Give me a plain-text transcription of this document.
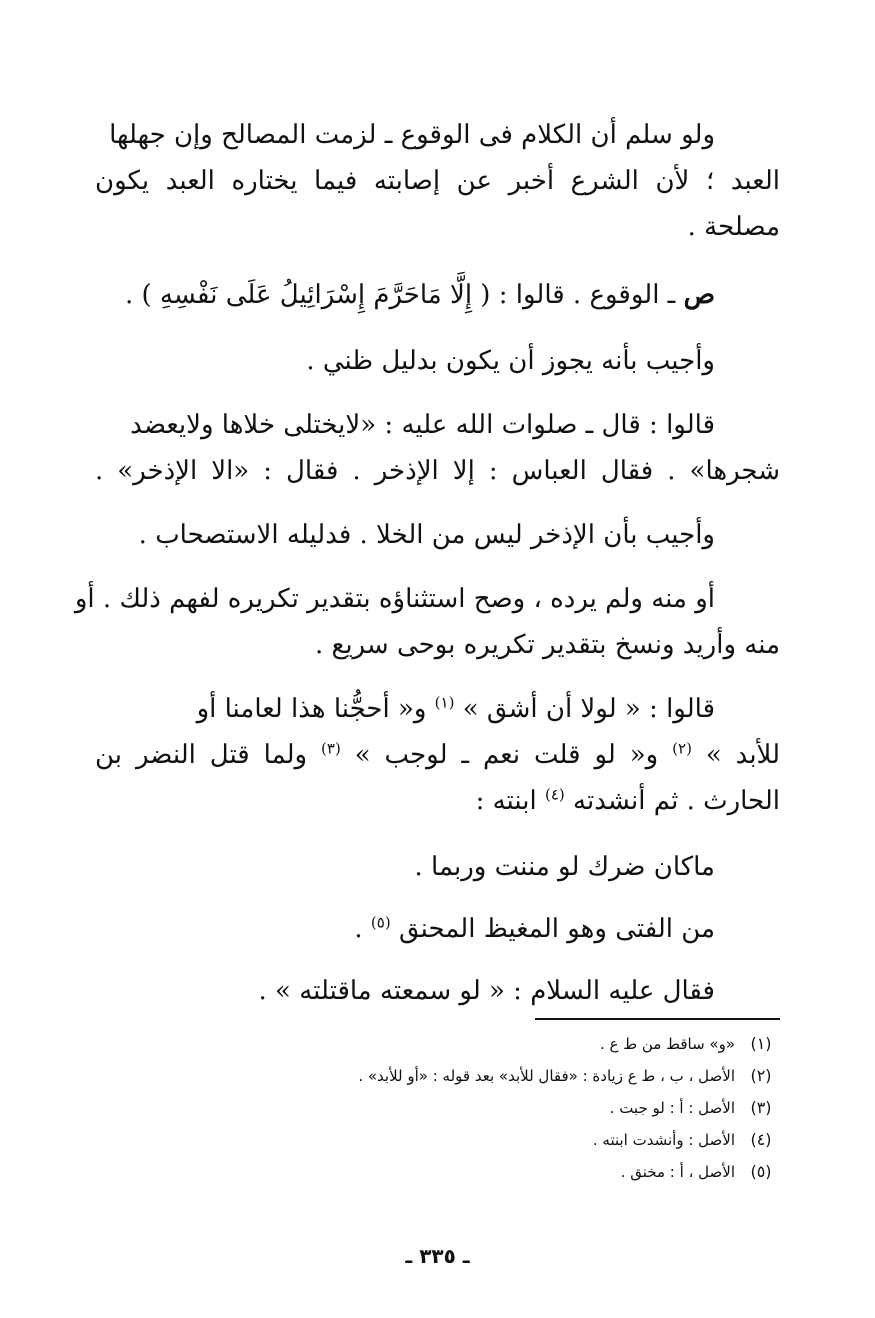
ولو سلم أن الكلام فى الوقوع ـ لزمت المصالح وإن جهلها
العبد ؛ لأن الشرع أخبر عن إصابته فيما يختاره العبد يكون
مصلحة .
ص ـ الوقوع . قالوا : ( إِلَّا مَاحَرَّمَ إِسْرَائِيلُ عَلَى نَفْسِهِ ) .
وأجيب بأنه يجوز أن يكون بدليل ظني .
قالوا : قال ـ صلوات الله عليه : «لايختلى خلاها ولايعضد
شجرها» . فقال العباس : إلا الإذخر . فقال : «الا الإذخر» .
وأجيب بأن الإذخر ليس من الخلا . فدليله الاستصحاب .
أو منه ولم يرده ، وصح استثناؤه بتقدير تكريره لفهم ذلك . أو
منه وأريد ونسخ بتقدير تكريره بوحى سريع .
قالوا : « لولا أن أشق » $^{(١)}$ و« أحجُّنا هذا لعامنا أو
للأبد » $^{(٢)}$ و« لو قلت نعم ـ لوجب » $^{(٣)}$ ولما قتل النضر بن
الحارث . ثم أنشدته $^{(٤)}$ ابنته :
ماكان ضرك لو مننت وربما .
من الفتى وهو المغيظ المحنق $^{(٥)}$ .
فقال عليه السلام : « لو سمعته ماقتلته » .
(١)«و» ساقط من ط ع .
(٢)الأصل ، ب ، ط ع زيادة : «فقال للأبد» بعد قوله : «أو للأبد» .
(٣)الأصل : أ : لو جبت .
(٤)الأصل : وأنشدت ابنته .
(٥)الأصل ، أ : مخنق .
ـ ٣٣٥ ـ
